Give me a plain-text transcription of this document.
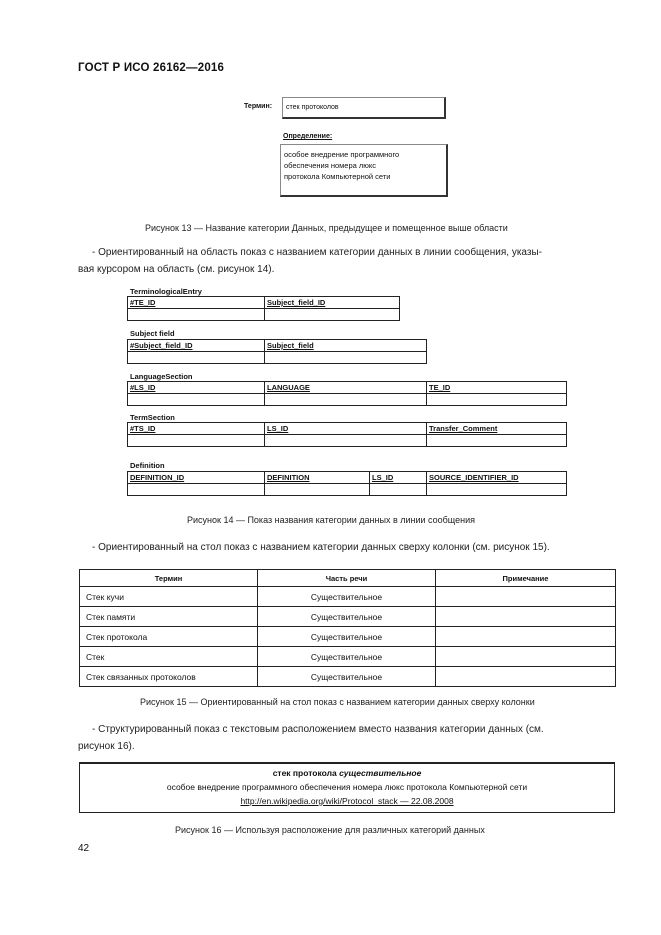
ГОСТ Р ИСО 26162—2016
Термин:	стек протоколов
Определение:
особое внедрение программного
обеспечения номера люкс
протокола Компьютерной сети
Рисунок 13 — Название категории Данных, предыдущее и помещенное выше области
- Ориентированный на область показ с названием категории данных в линии сообщения, указы-
вая курсором на область (см. рисунок 14).
TerminologicalEntry
#TE_ID	Subject_field_ID

Subject field
#Subject_field_ID	Subject_field

LanguageSection
#LS_ID	LANGUAGE	TE_ID

TermSection
#TS_ID	LS_ID	Transfer_Comment

Definition
DEFINITION_ID	DEFINITION	LS_ID	SOURCE_IDENTIFIER_ID

Рисунок 14 — Показ названия категории данных в линии сообщения
- Ориентированный на стол показ с названием категории данных сверху колонки (см. рисунок 15).
Термин	Часть речи	Примечание
Стек кучи	Существительное	
Стек памяти	Существительное	
Стек протокола	Существительное	
Стек	Существительное	
Стек связанных протоколов	Существительное	
Рисунок 15 — Ориентированный на стол показ с названием категории данных сверху колонки
- Структурированный показ с текстовым расположением вместо названия категории данных (см.
рисунок 16).
стек протокола существительное
особое внедрение программного обеспечения номера люкс протокола Компьютерной сети
http://en.wikipedia.org/wiki/Protocol_stack — 22.08.2008
Рисунок 16 — Используя расположение для различных категорий данных
42
